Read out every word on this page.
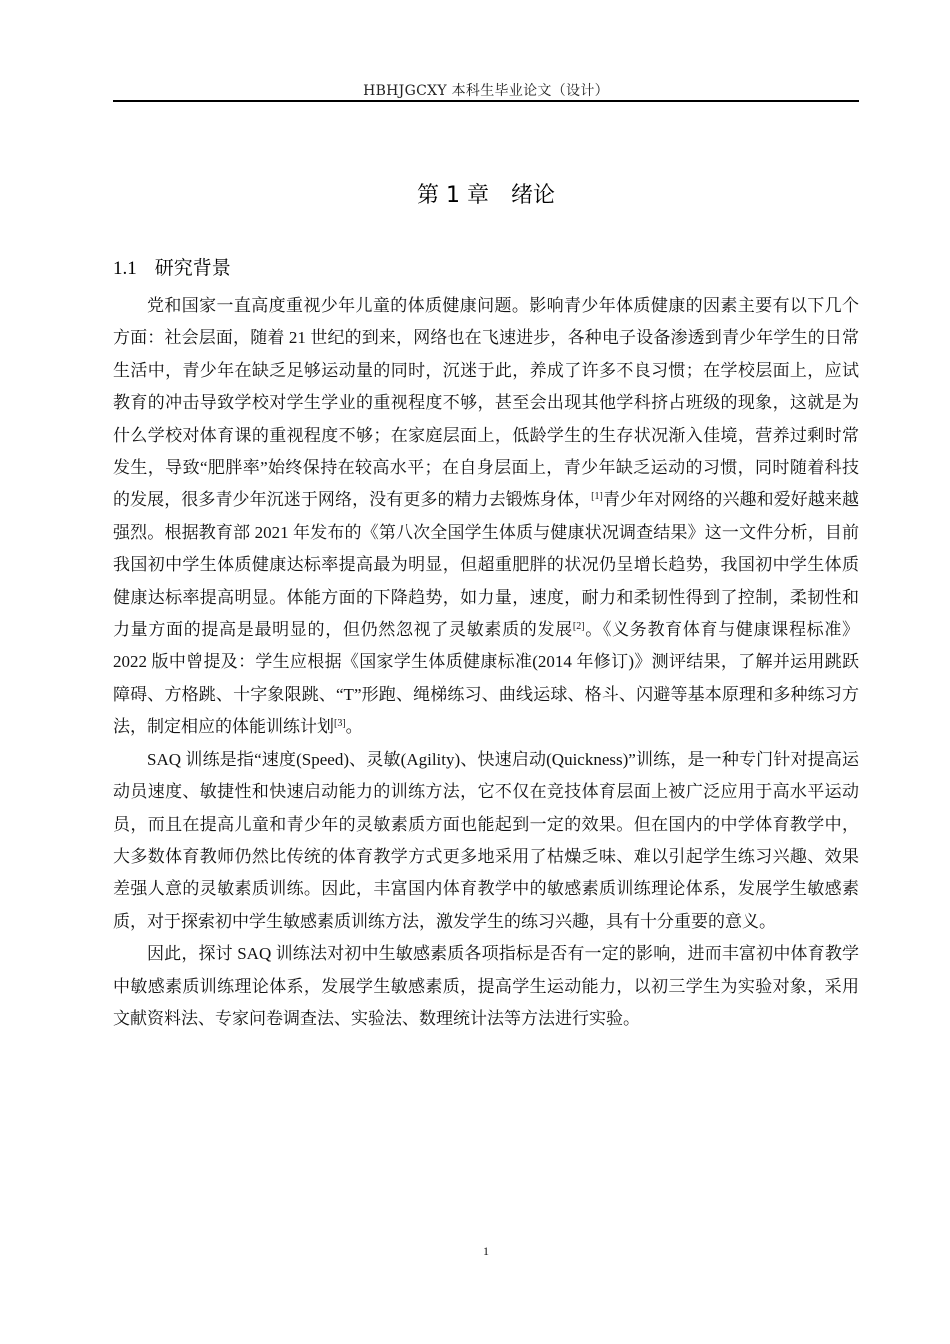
HBHJGCXY 本科生毕业论文（设计）
第 1 章 绪论
1.1 研究背景

党和国家一直高度重视少年儿童的体质健康问题。影响青少年体质健康的因素主要有以下几个方面：社会层面，随着 21 世纪的到来，网络也在飞速进步，各种电子设备渗透到青少年学生的日常生活中，青少年在缺乏足够运动量的同时，沉迷于此，养成了许多不良习惯；在学校层面上，应试教育的冲击导致学校对学生学业的重视程度不够，甚至会出现其他学科挤占班级的现象，这就是为什么学校对体育课的重视程度不够；在家庭层面上，低龄学生的生存状况渐入佳境，营养过剩时常发生，导致“肥胖率”始终保持在较高水平；在自身层面上，青少年缺乏运动的习惯，同时随着科技的发展，很多青少年沉迷于网络，没有更多的精力去锻炼身体，[1]青少年对网络的兴趣和爱好越来越强烈。根据教育部 2021 年发布的《第八次全国学生体质与健康状况调查结果》这一文件分析，目前我国初中学生体质健康达标率提高最为明显，但超重肥胖的状况仍呈增长趋势，我国初中学生体质健康达标率提高明显。体能方面的下降趋势，如力量，速度，耐力和柔韧性得到了控制，柔韧性和力量方面的提高是最明显的，但仍然忽视了灵敏素质的发展[2]。《义务教育体育与健康课程标准》2022 版中曾提及：学生应根据《国家学生体质健康标准(2014 年修订)》测评结果，了解并运用跳跃障碍、方格跳、十字象限跳、“T”形跑、绳梯练习、曲线运球、格斗、闪避等基本原理和多种练习方法，制定相应的体能训练计划[3]。

SAQ 训练是指“速度(Speed)、灵敏(Agility)、快速启动(Quickness)”训练，是一种专门针对提高运动员速度、敏捷性和快速启动能力的训练方法，它不仅在竞技体育层面上被广泛应用于高水平运动员，而且在提高儿童和青少年的灵敏素质方面也能起到一定的效果。但在国内的中学体育教学中，大多数体育教师仍然比传统的体育教学方式更多地采用了枯燥乏味、难以引起学生练习兴趣、效果差强人意的灵敏素质训练。因此，丰富国内体育教学中的敏感素质训练理论体系，发展学生敏感素质，对于探索初中学生敏感素质训练方法，激发学生的练习兴趣，具有十分重要的意义。

因此，探讨 SAQ 训练法对初中生敏感素质各项指标是否有一定的影响，进而丰富初中体育教学中敏感素质训练理论体系，发展学生敏感素质，提高学生运动能力，以初三学生为实验对象，采用文献资料法、专家问卷调查法、实验法、数理统计法等方法进行实验。

1
